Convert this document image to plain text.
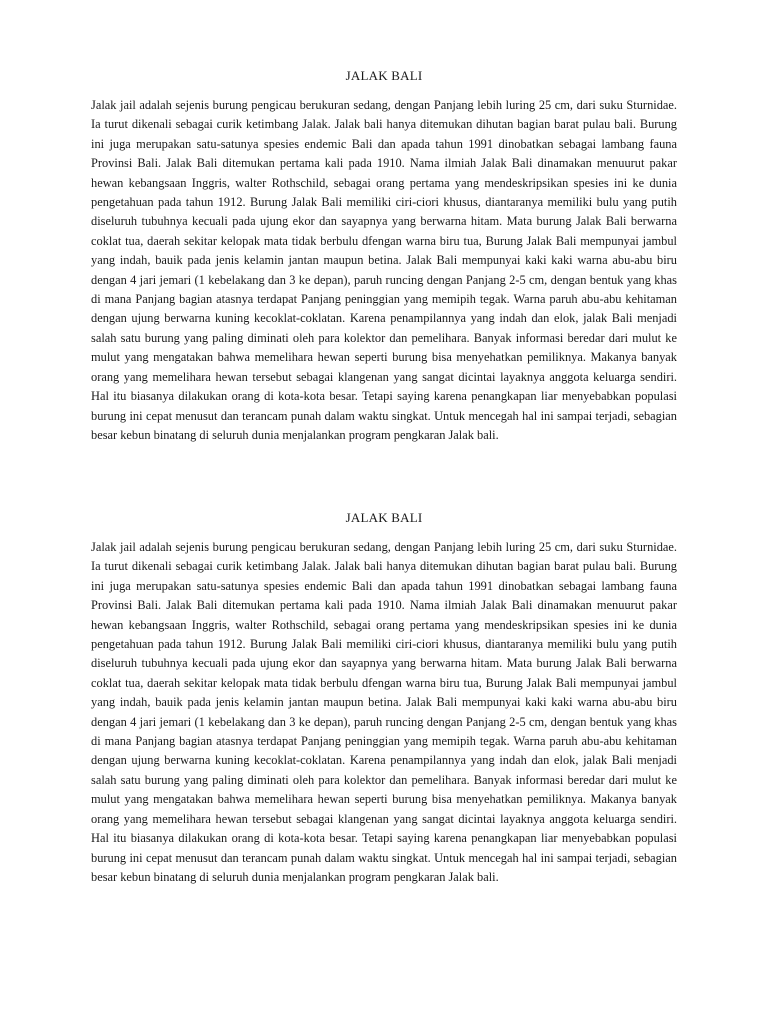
JALAK BALI

Jalak jail adalah sejenis burung pengicau berukuran sedang, dengan Panjang lebih luring 25 cm, dari suku Sturnidae. Ia turut dikenali sebagai curik ketimbang Jalak. Jalak bali hanya ditemukan dihutan bagian barat pulau bali. Burung ini juga merupakan satu-satunya spesies endemic Bali dan apada tahun 1991 dinobatkan sebagai lambang fauna Provinsi Bali. Jalak Bali ditemukan pertama kali pada 1910. Nama ilmiah Jalak Bali dinamakan menuurut pakar hewan kebangsaan Inggris, walter Rothschild, sebagai orang pertama yang mendeskripsikan spesies ini ke dunia pengetahuan pada tahun 1912. Burung Jalak Bali memiliki ciri-ciori khusus, diantaranya memiliki bulu yang putih diseluruh tubuhnya kecuali pada ujung ekor dan sayapnya yang berwarna hitam. Mata burung Jalak Bali berwarna coklat tua, daerah sekitar kelopak mata tidak berbulu dfengan warna biru tua, Burung Jalak Bali mempunyai jambul yang indah, bauik pada jenis kelamin jantan maupun betina. Jalak Bali mempunyai kaki kaki warna abu-abu biru dengan 4 jari jemari (1 kebelakang dan 3 ke depan), paruh runcing dengan Panjang 2-5 cm, dengan bentuk yang khas di mana Panjang bagian atasnya terdapat Panjang peninggian yang memipih tegak. Warna paruh abu-abu kehitaman dengan ujung berwarna kuning kecoklat-coklatan. Karena penampilannya yang indah dan elok, jalak Bali menjadi salah satu burung yang paling diminati oleh para kolektor dan pemelihara. Banyak informasi beredar dari mulut ke mulut yang mengatakan bahwa memelihara hewan seperti burung bisa menyehatkan pemiliknya. Makanya banyak orang yang memelihara hewan tersebut sebagai klangenan yang sangat dicintai layaknya anggota keluarga sendiri. Hal itu biasanya dilakukan orang di kota-kota besar. Tetapi saying karena penangkapan liar menyebabkan populasi burung ini cepat menusut dan terancam punah dalam waktu singkat. Untuk mencegah hal ini sampai terjadi, sebagian besar kebun binatang di seluruh dunia menjalankan program pengkaran Jalak bali.

JALAK BALI

Jalak jail adalah sejenis burung pengicau berukuran sedang, dengan Panjang lebih luring 25 cm, dari suku Sturnidae. Ia turut dikenali sebagai curik ketimbang Jalak. Jalak bali hanya ditemukan dihutan bagian barat pulau bali. Burung ini juga merupakan satu-satunya spesies endemic Bali dan apada tahun 1991 dinobatkan sebagai lambang fauna Provinsi Bali. Jalak Bali ditemukan pertama kali pada 1910. Nama ilmiah Jalak Bali dinamakan menuurut pakar hewan kebangsaan Inggris, walter Rothschild, sebagai orang pertama yang mendeskripsikan spesies ini ke dunia pengetahuan pada tahun 1912. Burung Jalak Bali memiliki ciri-ciori khusus, diantaranya memiliki bulu yang putih diseluruh tubuhnya kecuali pada ujung ekor dan sayapnya yang berwarna hitam. Mata burung Jalak Bali berwarna coklat tua, daerah sekitar kelopak mata tidak berbulu dfengan warna biru tua, Burung Jalak Bali mempunyai jambul yang indah, bauik pada jenis kelamin jantan maupun betina. Jalak Bali mempunyai kaki kaki warna abu-abu biru dengan 4 jari jemari (1 kebelakang dan 3 ke depan), paruh runcing dengan Panjang 2-5 cm, dengan bentuk yang khas di mana Panjang bagian atasnya terdapat Panjang peninggian yang memipih tegak. Warna paruh abu-abu kehitaman dengan ujung berwarna kuning kecoklat-coklatan. Karena penampilannya yang indah dan elok, jalak Bali menjadi salah satu burung yang paling diminati oleh para kolektor dan pemelihara. Banyak informasi beredar dari mulut ke mulut yang mengatakan bahwa memelihara hewan seperti burung bisa menyehatkan pemiliknya. Makanya banyak orang yang memelihara hewan tersebut sebagai klangenan yang sangat dicintai layaknya anggota keluarga sendiri. Hal itu biasanya dilakukan orang di kota-kota besar. Tetapi saying karena penangkapan liar menyebabkan populasi burung ini cepat menusut dan terancam punah dalam waktu singkat. Untuk mencegah hal ini sampai terjadi, sebagian besar kebun binatang di seluruh dunia menjalankan program pengkaran Jalak bali.
